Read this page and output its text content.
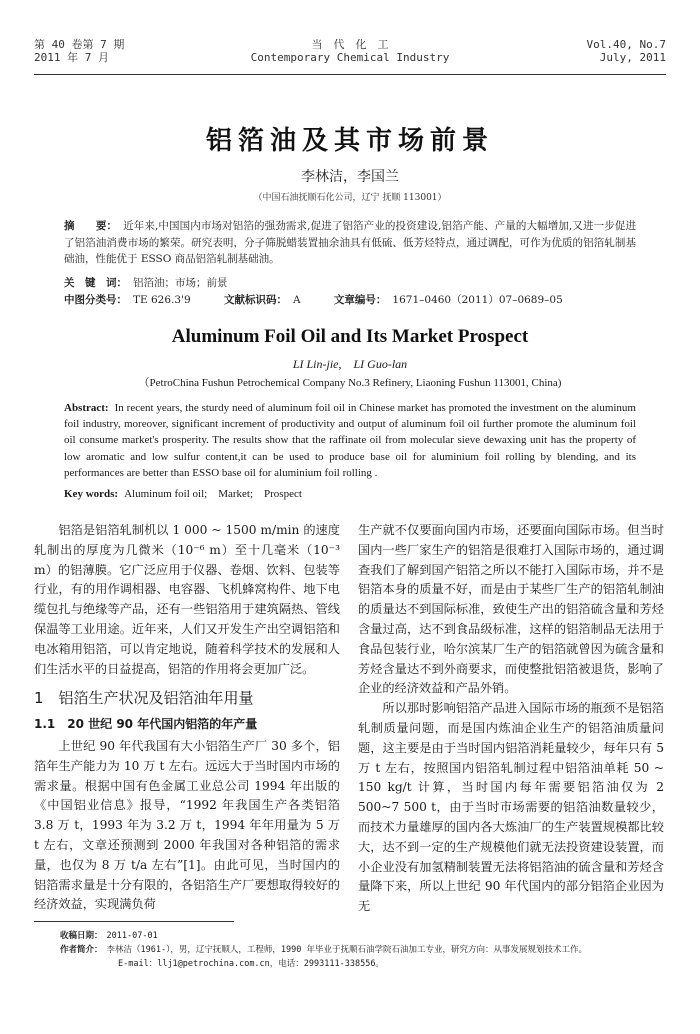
第 40 卷第 7 期
2011 年 7 月
当　代　化　工
Contemporary Chemical Industry
Vol.40, No.7
July, 2011
铝箔油及其市场前景
李林洁，李国兰
（中国石油抚顺石化公司，辽宁 抚顺 113001）
摘　　要： 近年来,中国国内市场对铝箔的强劲需求,促进了铝箔产业的投资建设,铝箔产能、产量的大幅增加,又进一步促进了铝箔油消费市场的繁荣。研究表明，分子筛脱蜡装置抽余油具有低硫、低芳烃特点，通过调配，可作为优质的铝箔轧制基础油，性能优于 ESSO 商品铝箔轧制基础油。
关　键　词： 铝箔油；市场；前景
中图分类号： TE 626.3'9	文献标识码： A	文章编号： 1671–0460（2011）07–0689–05
Aluminum Foil Oil and Its Market Prospect
LI Lin-jie,　LI Guo-lan
（PetroChina Fushun Petrochemical Company No.3 Refinery, Liaoning Fushun 113001, China)
Abstract: In recent years, the sturdy need of aluminum foil oil in Chinese market has promoted the investment on the aluminum foil industry, moreover, significant increment of productivity and output of aluminum foil oil further promote the aluminum foil oil consume market's prosperity. The results show that the raffinate oil from molecular sieve dewaxing unit has the property of low aromatic and low sulfur content,it can be used to produce base oil for aluminium foil rolling by blending, and its performances are better than ESSO base oil for aluminium foil rolling .
Key words: Aluminum foil oil;　Market;　Prospect

铝箔是铝箔轧制机以 1 000 ~ 1500 m/min 的速度轧制出的厚度为几微米（10⁻⁶ m）至十几毫米（10⁻³ m）的铝薄膜。它广泛应用于仪器、卷烟、饮料、包装等行业，有的用作调相器、电容器、飞机蜂窝构件、地下电缆包扎与绝缘等产品，还有一些铝箔用于建筑隔热、管线保温等工业用途。近年来，人们又开发生产出空调铝箔和电冰箱用铝箔，可以肯定地说，随着科学技术的发展和人们生活水平的日益提高，铝箔的作用将会更加广泛。

1　铝箔生产状况及铝箔油年用量
1.1　20 世纪 90 年代国内铝箔的年产量

上世纪 90 年代我国有大小铝箔生产厂 30 多个，铝箔年生产能力为 10 万 t 左右。远远大于当时国内市场的需求量。根据中国有色金属工业总公司 1994 年出版的《中国铝业信息》报导，“1992 年我国生产各类铝箔 3.8 万 t，1993 年为 3.2 万 t，1994 年年用量为 5 万 t 左右，文章还预测到 2000 年我国对各种铝箔的需求量，也仅为 8 万 t/a 左右”[1]。由此可见，当时国内的铝箔需求量是十分有限的，各铝箔生产厂要想取得较好的经济效益，实现满负荷

生产就不仅要面向国内市场，还要面向国际市场。但当时国内一些厂家生产的铝箔是很难打入国际市场的，通过调查我们了解到国产铝箔之所以不能打入国际市场，并不是铝箔本身的质量不好，而是由于某些厂生产的铝箔轧制油的质量达不到国际标准，致使生产出的铝箔硫含量和芳烃含量过高，达不到食品级标准，这样的铝箔制品无法用于食品包装行业，哈尔滨某厂生产的铝箔就曾因为硫含量和芳烃含量达不到外商要求，而使整批铝箔被退货，影响了企业的经济效益和产品外销。

所以那时影响铝箔产品进入国际市场的瓶颈不是铝箔轧制质量问题，而是国内炼油企业生产的铝箔油质量问题，这主要是由于当时国内铝箔消耗量较少，每年只有 5 万 t 左右，按照国内铝箔轧制过程中铝箔油单耗 50 ~ 150 kg/t 计算，当时国内每年需要铝箔油仅为 2 500~7 500 t，由于当时市场需要的铝箔油数量较少，而技术力量雄厚的国内各大炼油厂的生产装置规模都比较大，达不到一定的生产规模他们就无法投资建设装置，而小企业没有加氢精制装置无法将铝箔油的硫含量和芳烃含量降下来，所以上世纪 90 年代国内的部分铝箔企业因为无

收稿日期： 2011-07-01
作者简介： 李林洁（1961-），男，辽宁抚顺人，工程师，1990 年毕业于抚顺石油学院石油加工专业，研究方向：从事发展规划技术工作。
E-mail：llj1@petrochina.com.cn，电话：2993111-338556。
